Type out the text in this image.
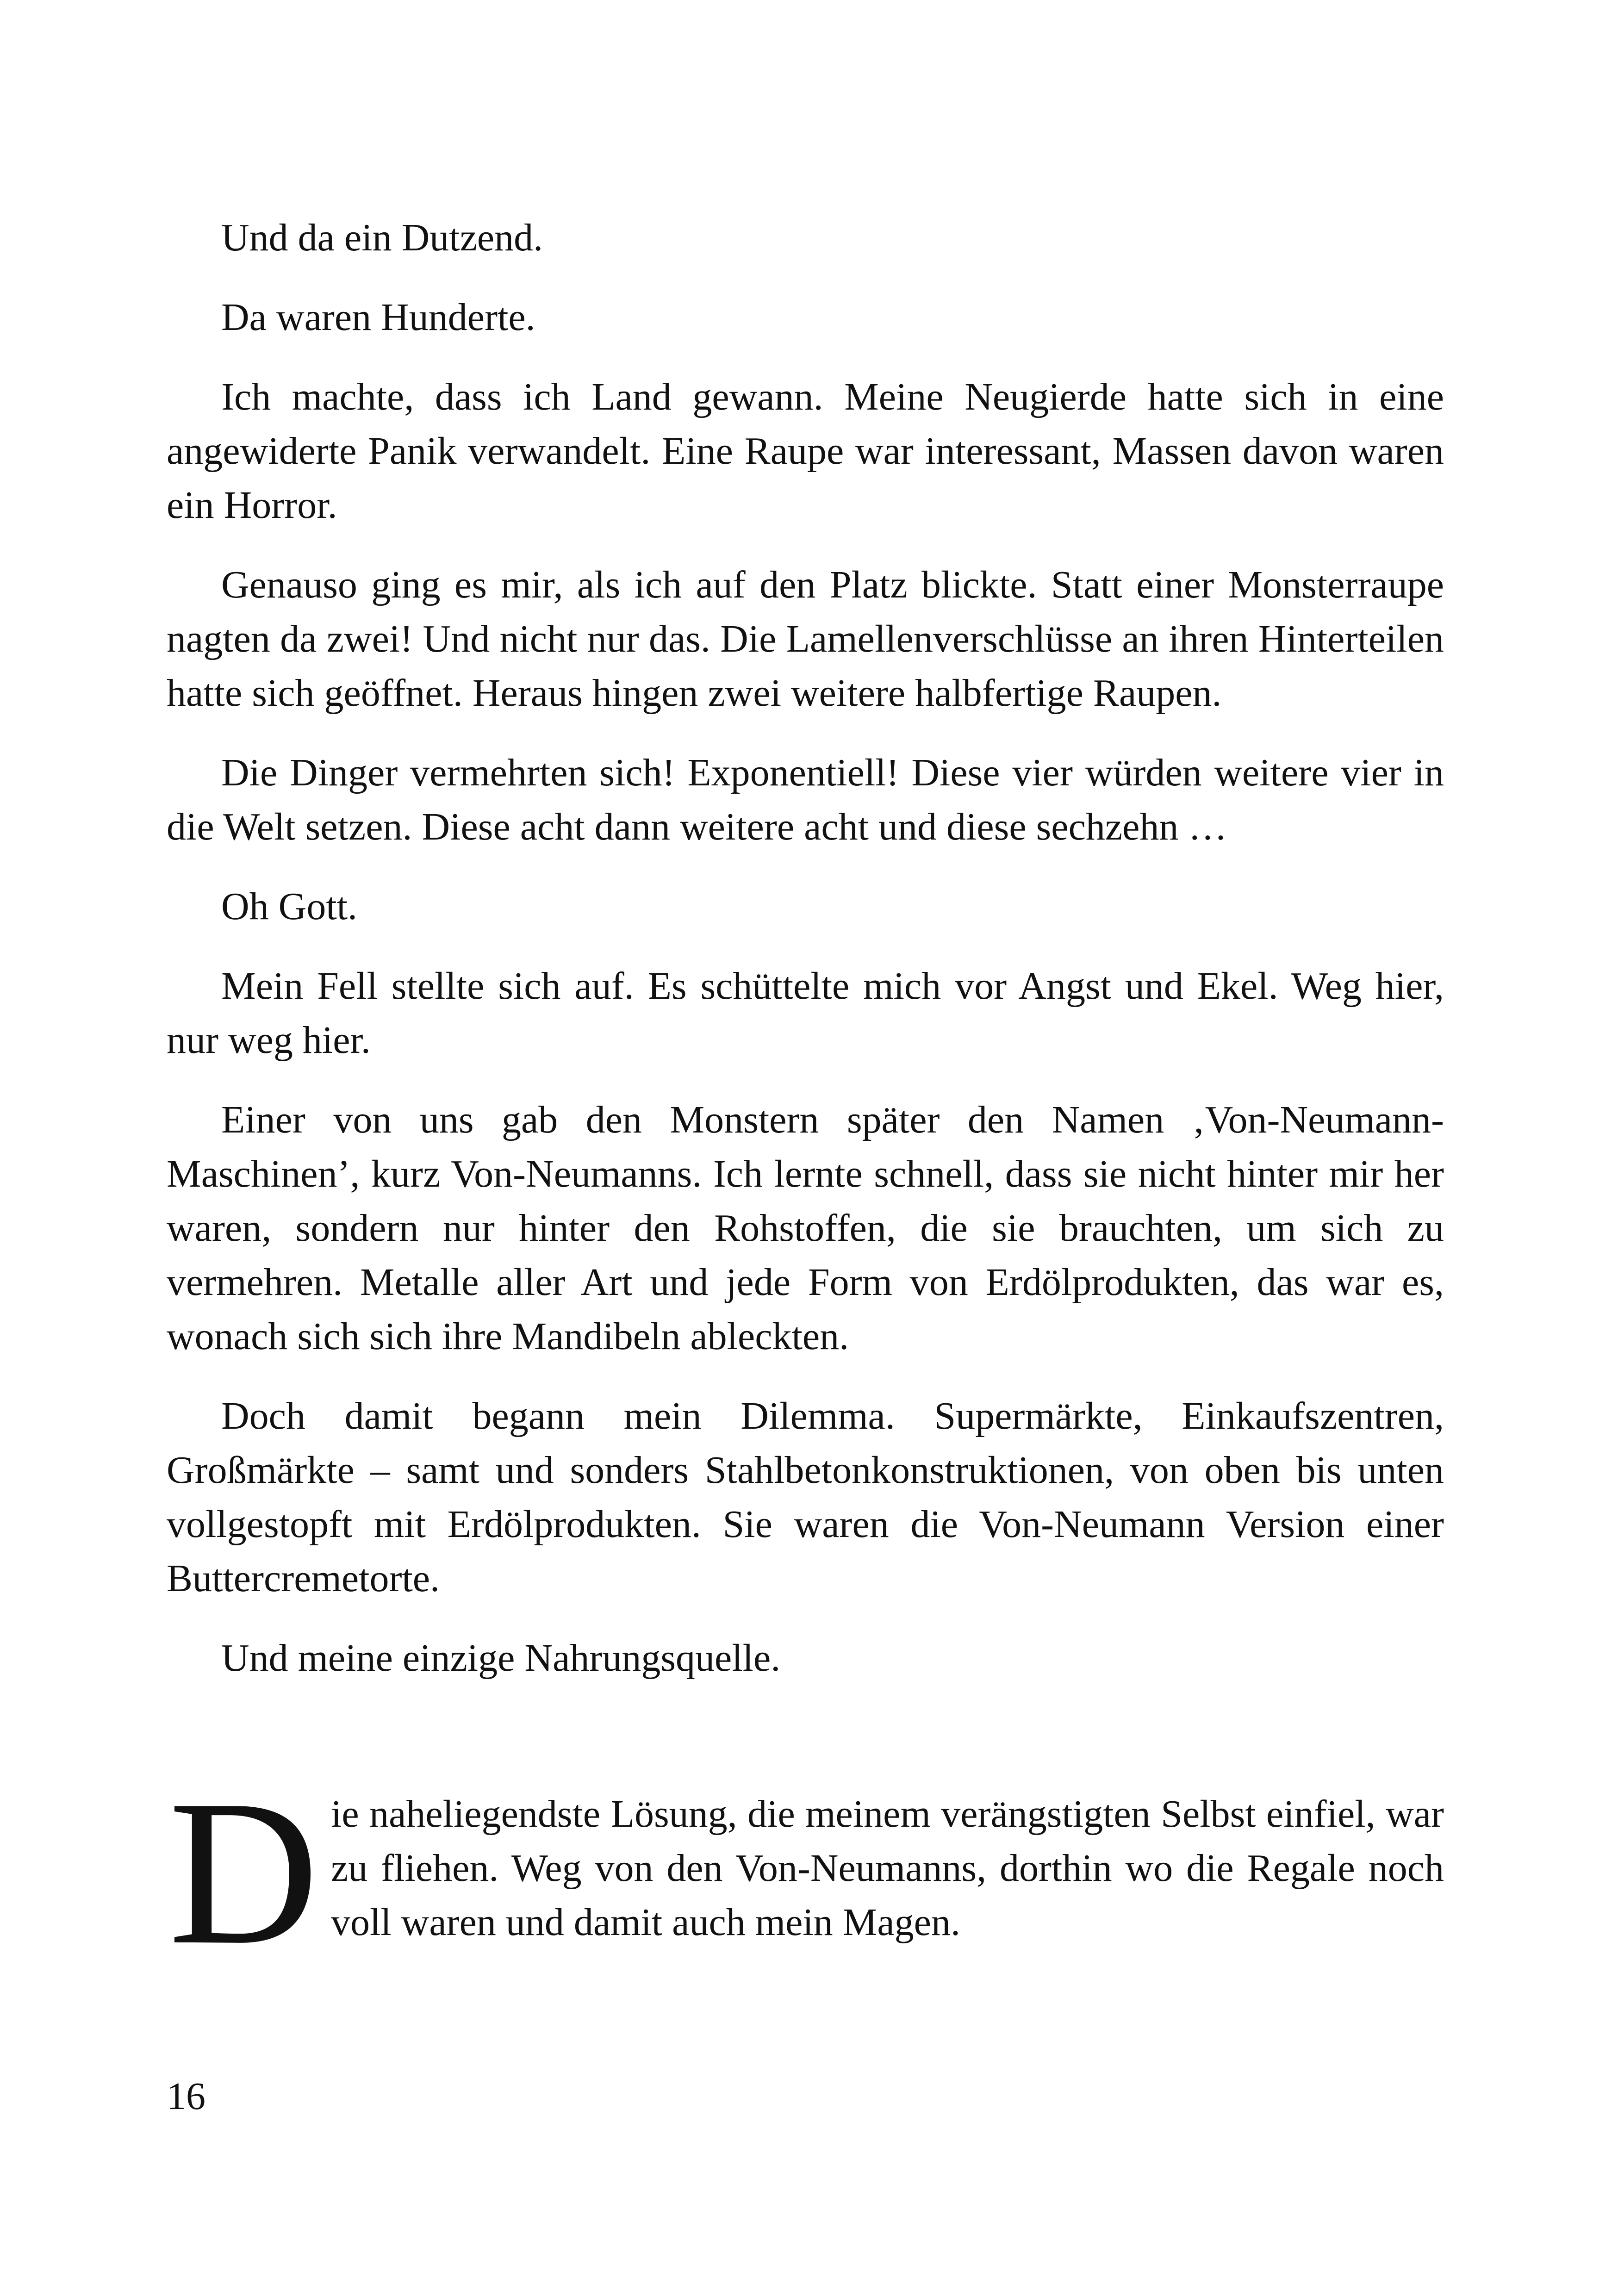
Und da ein Dutzend.

Da waren Hunderte.

Ich machte, dass ich Land gewann. Meine Neugierde hatte sich in eine angewiderte Panik verwandelt. Eine Raupe war interessant, Massen davon waren ein Horror.

Genauso ging es mir, als ich auf den Platz blickte. Statt einer Monsterraupe nagten da zwei! Und nicht nur das. Die Lamellenverschlüsse an ihren Hinterteilen hatte sich geöffnet. Heraus hingen zwei weitere halbfertige Raupen.

Die Dinger vermehrten sich! Exponentiell! Diese vier würden weitere vier in die Welt setzen. Diese acht dann weitere acht und diese sechzehn …

Oh Gott.

Mein Fell stellte sich auf. Es schüttelte mich vor Angst und Ekel. Weg hier, nur weg hier.

Einer von uns gab den Monstern später den Namen ‚Von-Neumann-Maschinen’, kurz Von-Neumanns. Ich lernte schnell, dass sie nicht hinter mir her waren, sondern nur hinter den Rohstoffen, die sie brauchten, um sich zu vermehren. Metalle aller Art und jede Form von Erdölprodukten, das war es, wonach sich sich ihre Mandibeln ableckten.

Doch damit begann mein Dilemma. Supermärkte, Einkaufszentren, Großmärkte – samt und sonders Stahlbetonkonstruktionen, von oben bis unten vollgestopft mit Erdölprodukten. Sie waren die Von-Neumann Version einer Buttercremetorte.

Und meine einzige Nahrungsquelle.

Die naheliegendste Lösung, die meinem verängstigten Selbst einfiel, war zu fliehen. Weg von den Von-Neumanns, dorthin wo die Regale noch voll waren und damit auch mein Magen.

16
